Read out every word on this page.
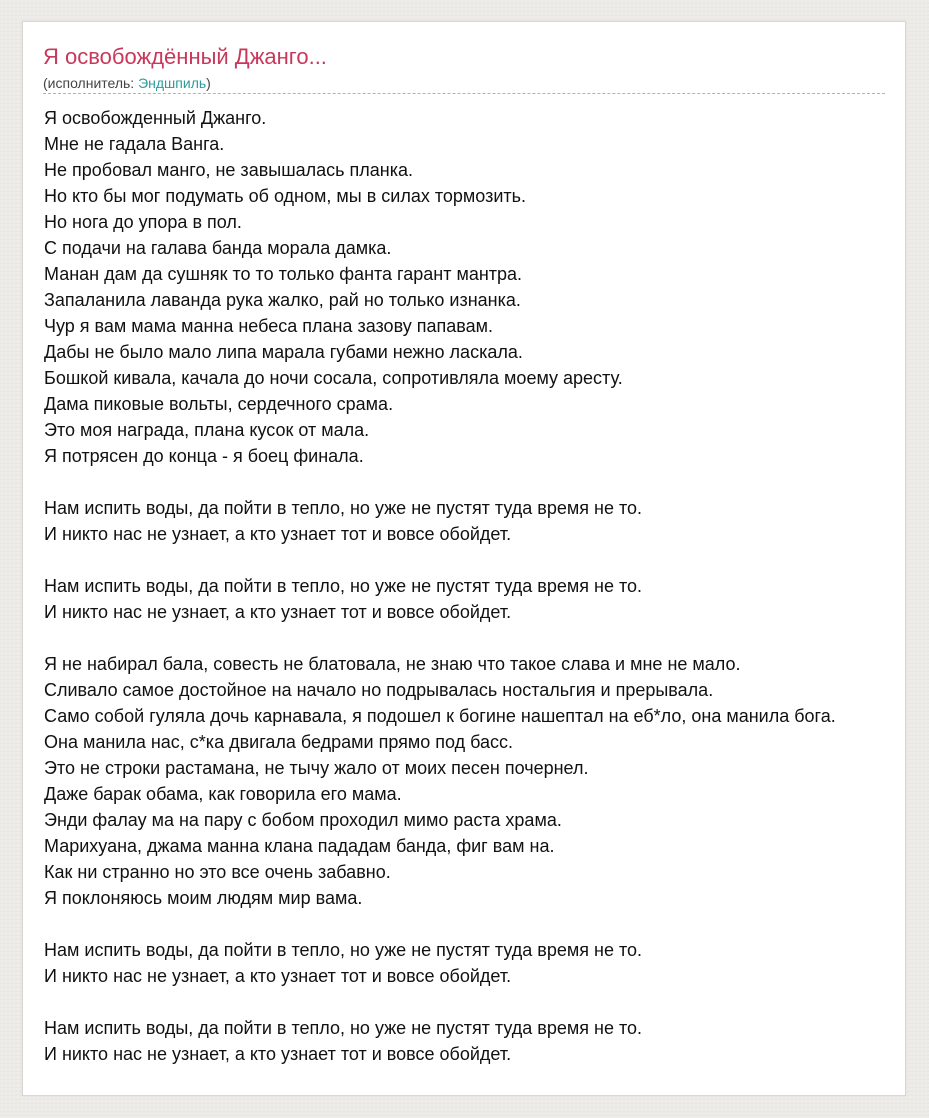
Я освобождённый Джанго...
(исполнитель: Эндшпиль)
Я освобожденный Джанго.
Мне не гадала Ванга.
Не пробовал манго, не завышалась планка.
Но кто бы мог подумать об одном, мы в силах тормозить.
Но нога до упора в пол.
С подачи на галава банда морала дамка.
Манан дам да сушняк то то только фанта гарант мантра.
Запаланила лаванда рука жалко, рай но только изнанка.
Чур я вам мама манна небеса плана зазову папавам.
Дабы не было мало липа марала губами нежно ласкала.
Бошкой кивала, качала до ночи сосала, сопротивляла моему аресту.
Дама пиковые вольты, сердечного срама.
Это моя награда, плана кусок от мала.
Я потрясен до конца - я боец финала.
Нам испить воды, да пойти в тепло, но уже не пустят туда время не то.
И никто нас не узнает, а кто узнает тот и вовсе обойдет.
Нам испить воды, да пойти в тепло, но уже не пустят туда время не то.
И никто нас не узнает, а кто узнает тот и вовсе обойдет.
Я не набирал бала, совесть не блатовала, не знаю что такое слава и мне не мало.
Сливало самое достойное на начало но подрывалась ностальгия и прерывала.
Само собой гуляла дочь карнавала, я подошел к богине нашептал на еб*ло, она манила бога.
Она манила нас, с*ка двигала бедрами прямо под басс.
Это не строки растамана, не тычу жало от моих песен почернел.
Даже барак обама, как говорила его мама.
Энди фалау ма на пару с бобом проходил мимо раста храма.
Марихуана, джама манна клана пададам банда, фиг вам на.
Как ни странно но это все очень забавно.
Я поклоняюсь моим людям мир вама.
Нам испить воды, да пойти в тепло, но уже не пустят туда время не то.
И никто нас не узнает, а кто узнает тот и вовсе обойдет.
Нам испить воды, да пойти в тепло, но уже не пустят туда время не то.
И никто нас не узнает, а кто узнает тот и вовсе обойдет.
